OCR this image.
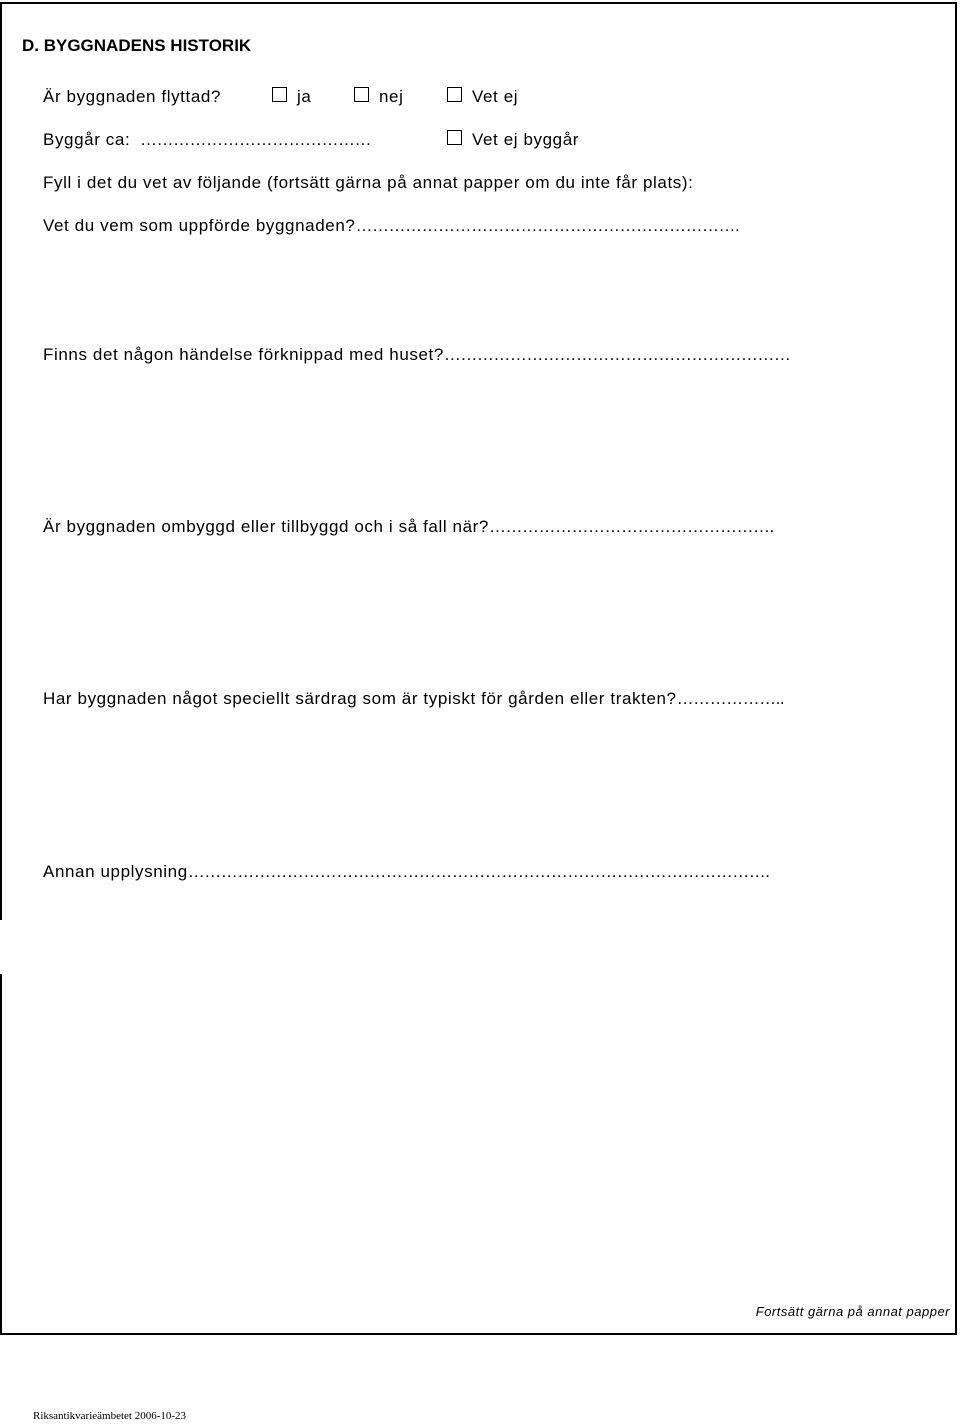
D. BYGGNADENS HISTORIK
Är byggnaden flyttad?	ja	nej	Vet ej
Byggår ca: ……………………………………	Vet ej byggår
Fyll i det du vet av följande (fortsätt gärna på annat papper om du inte får plats):
Vet du vem som uppförde byggnaden?…………………………………………………………….
Finns det någon händelse förknippad med huset?………………………………………………………
Är byggnaden ombyggd eller tillbyggd och i så fall när?…………………………………………….
Har byggnaden något speciellt särdrag som är typiskt för gården eller trakten?………………..
Annan upplysning…………………………………………………………………………………………….
Fortsätt gärna på annat papper
Riksantikvarieämbetet 2006-10-23
